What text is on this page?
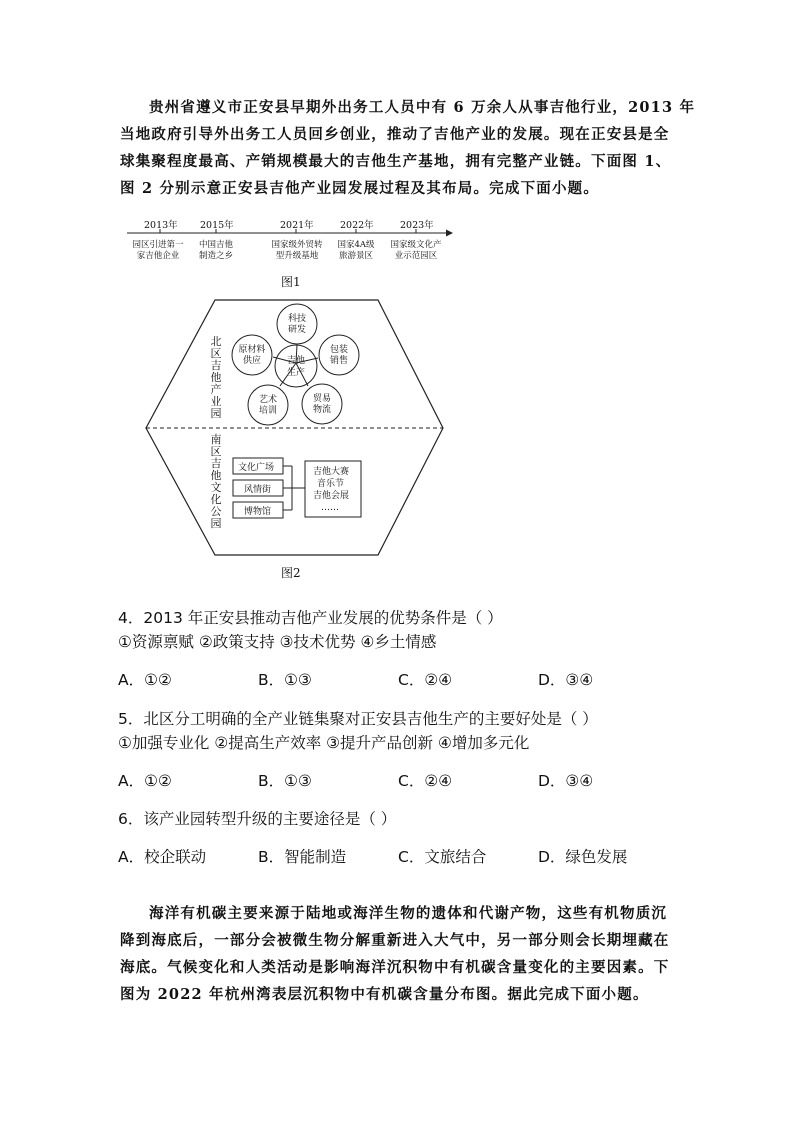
贵州省遵义市正安县早期外出务工人员中有 6 万余人从事吉他行业，2013 年
当地政府引导外出务工人员回乡创业，推动了吉他产业的发展。现在正安县是全
球集聚程度最高、产销规模最大的吉他生产基地，拥有完整产业链。下面图 1、
图 2 分别示意正安县吉他产业园发展过程及其布局。完成下面小题。
2013年 2015年	2021年	2022年	2023年
园区引进第一
家吉他企业
中国吉他
制造之乡
国家级外贸转
型升级基地
国家4A级
旅游景区
国家级文化产
业示范园区
图1
吉他
生产
科技
研发
包装
销售
贸易
物流
艺术
培训
原材料
供应
北
区
吉
他
产
业
园
南
区
吉
他
文
化
公
园
文化广场
风情街
博物馆
吉他大赛
音乐节
吉他会展
……
图2
4．2013 年正安县推动吉他产业发展的优势条件是（ ）
①资源禀赋 ②政策支持 ③技术优势 ④乡土情感
A．①②	B．①③	C．②④	D．③④
5．北区分工明确的全产业链集聚对正安县吉他生产的主要好处是（ ）
①加强专业化 ②提高生产效率 ③提升产品创新 ④增加多元化
A．①②	B．①③	C．②④	D．③④
6．该产业园转型升级的主要途径是（ ）
A．校企联动	B．智能制造	C．文旅结合	D．绿色发展
海洋有机碳主要来源于陆地或海洋生物的遗体和代谢产物，这些有机物质沉
降到海底后，一部分会被微生物分解重新进入大气中，另一部分则会长期埋藏在
海底。气候变化和人类活动是影响海洋沉积物中有机碳含量变化的主要因素。下
图为 2022 年杭州湾表层沉积物中有机碳含量分布图。据此完成下面小题。
